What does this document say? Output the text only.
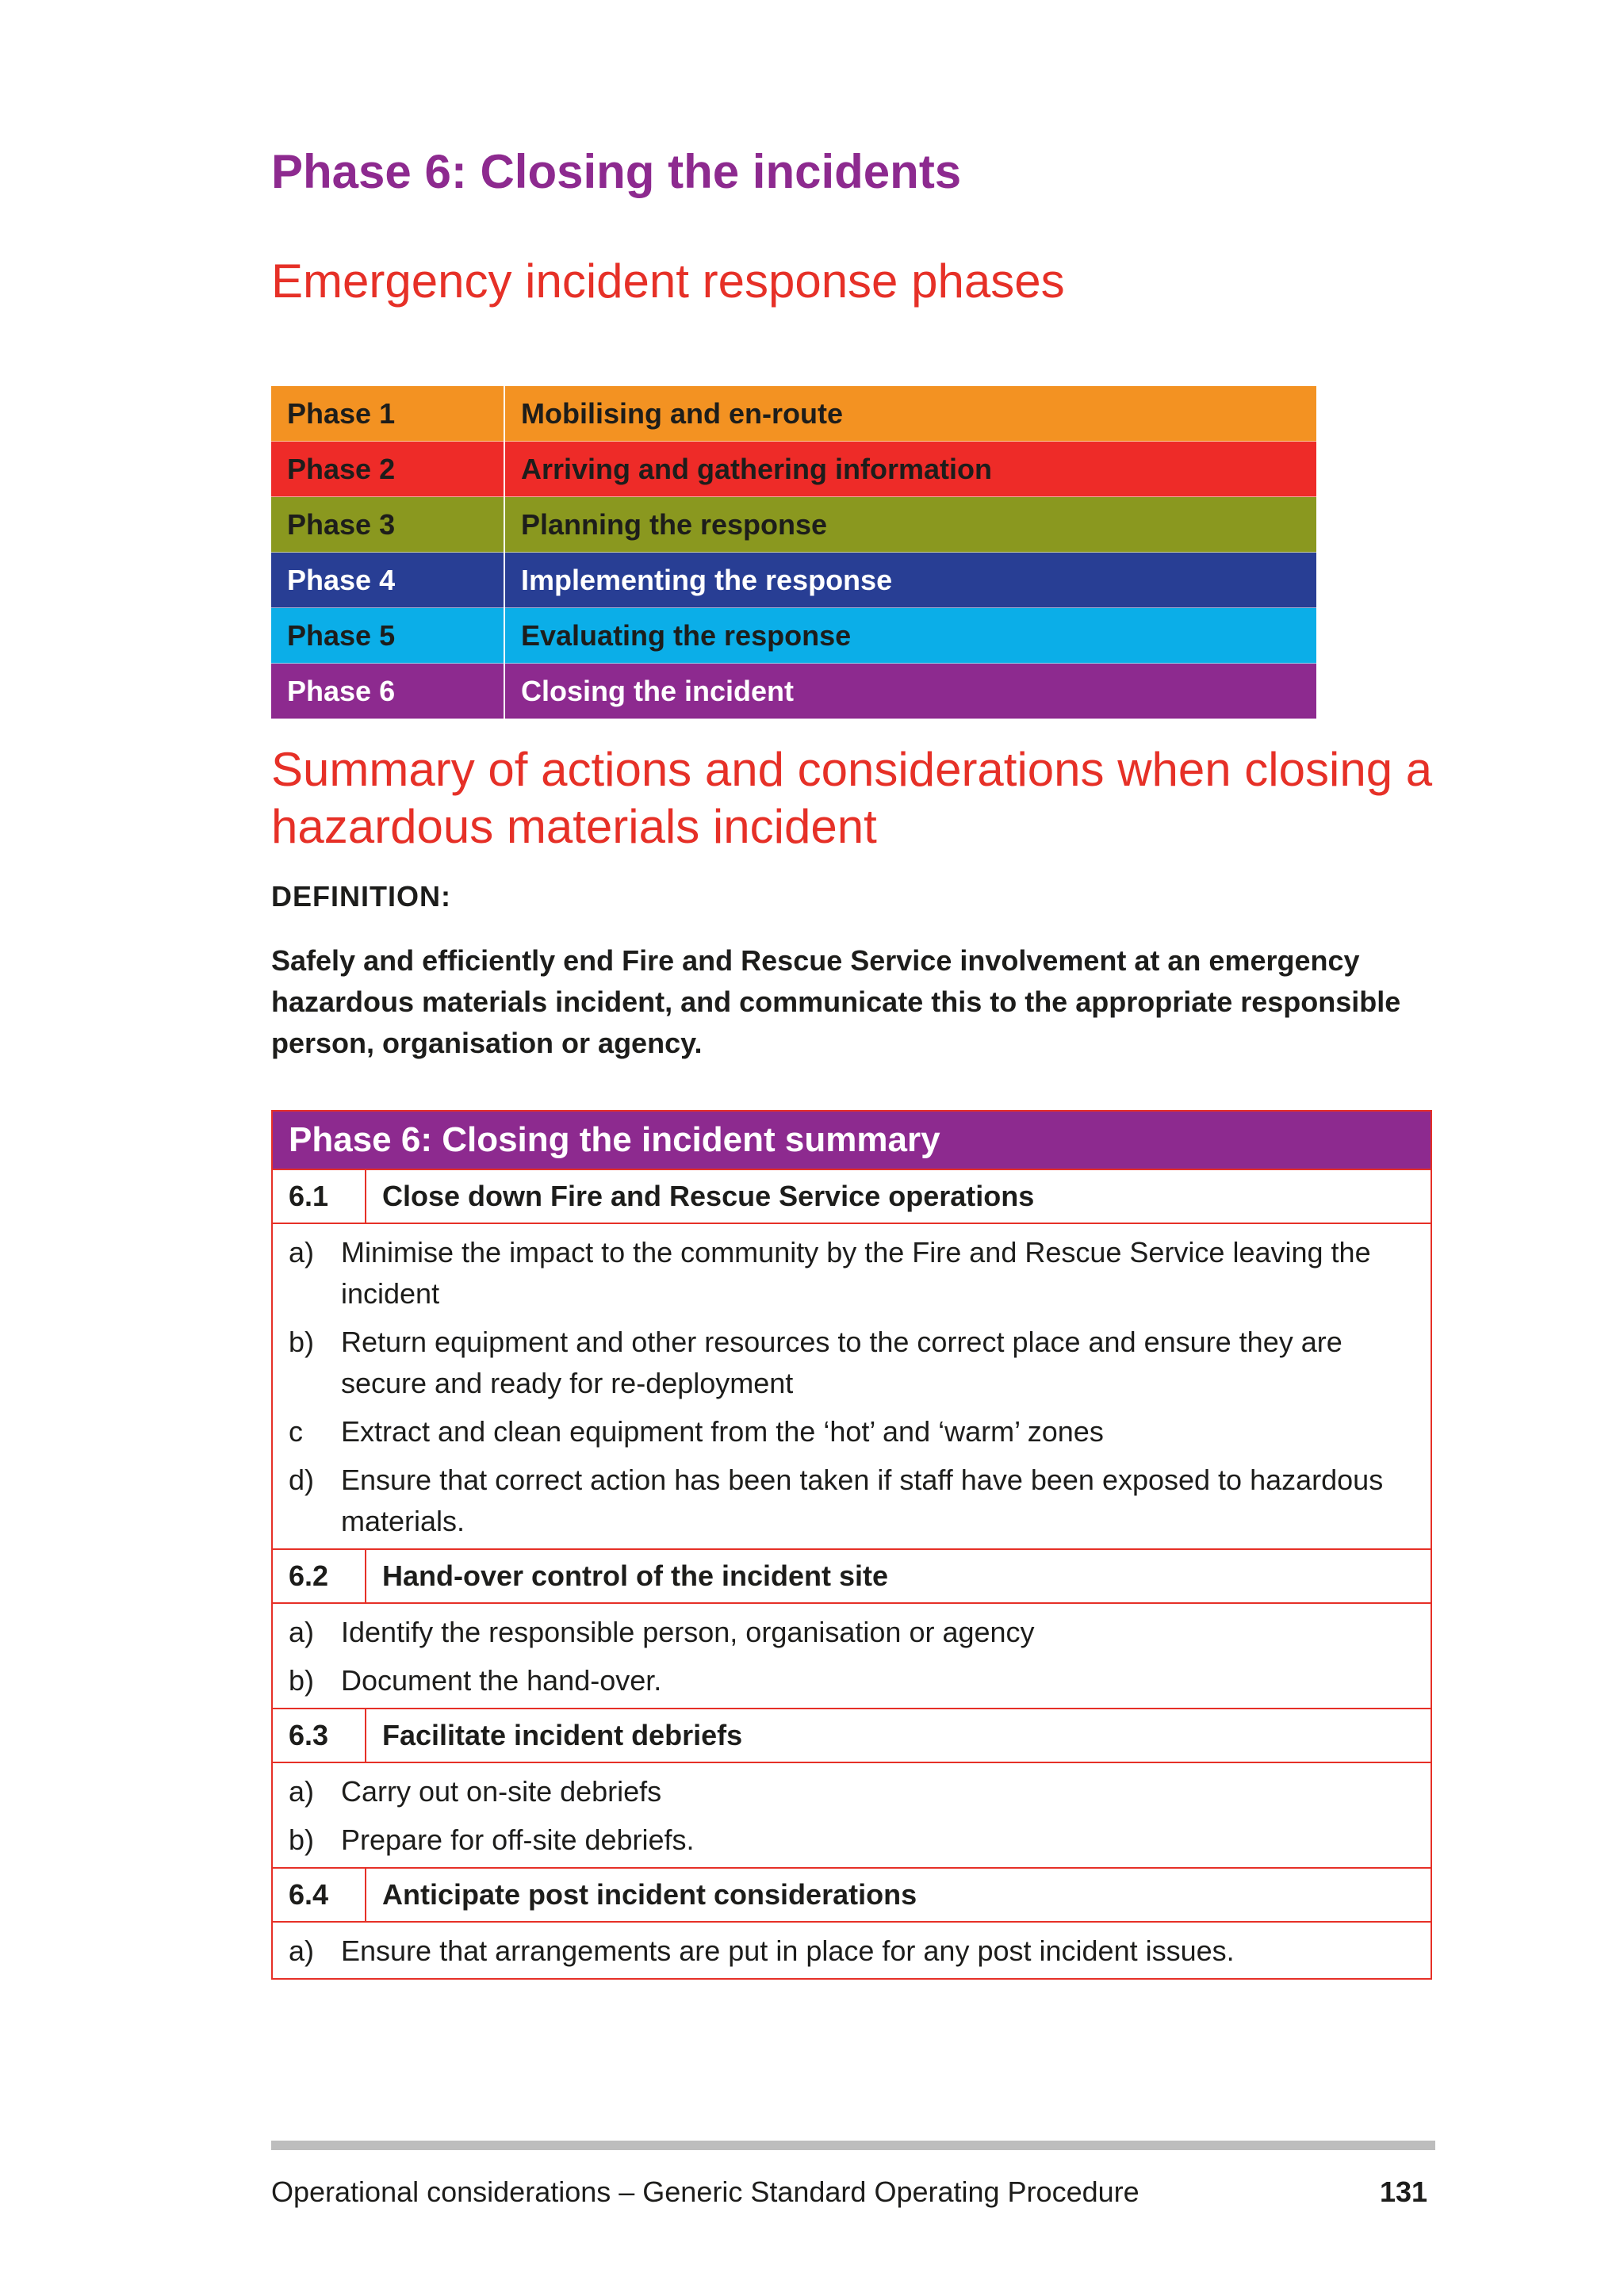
Phase 6: Closing the incidents
Emergency incident response phases
Phase 1	Mobilising and en-route
Phase 2	Arriving and gathering information
Phase 3	Planning the response
Phase 4	Implementing the response
Phase 5	Evaluating the response
Phase 6	Closing the incident
Summary of actions and considerations when closing a hazardous materials incident

DEFINITION:

Safely and efficiently end Fire and Rescue Service involvement at an emergency hazardous materials incident, and communicate this to the appropriate responsible person, organisation or agency.

Phase 6: Closing the incident summary
6.1	Close down Fire and Rescue Service operations
a) Minimise the impact to the community by the Fire and Rescue Service leaving the incident
b) Return equipment and other resources to the correct place and ensure they are secure and ready for re-deployment
c	Extract and clean equipment from the ‘hot’ and ‘warm’ zones
d) Ensure that correct action has been taken if staff have been exposed to hazardous materials.
6.2	Hand-over control of the incident site
a) Identify the responsible person, organisation or agency
b) Document the hand-over.
6.3	Facilitate incident debriefs
a) Carry out on-site debriefs
b) Prepare for off-site debriefs.
6.4	Anticipate post incident considerations
a) Ensure that arrangements are put in place for any post incident issues.

Operational considerations – Generic Standard Operating Procedure	131
